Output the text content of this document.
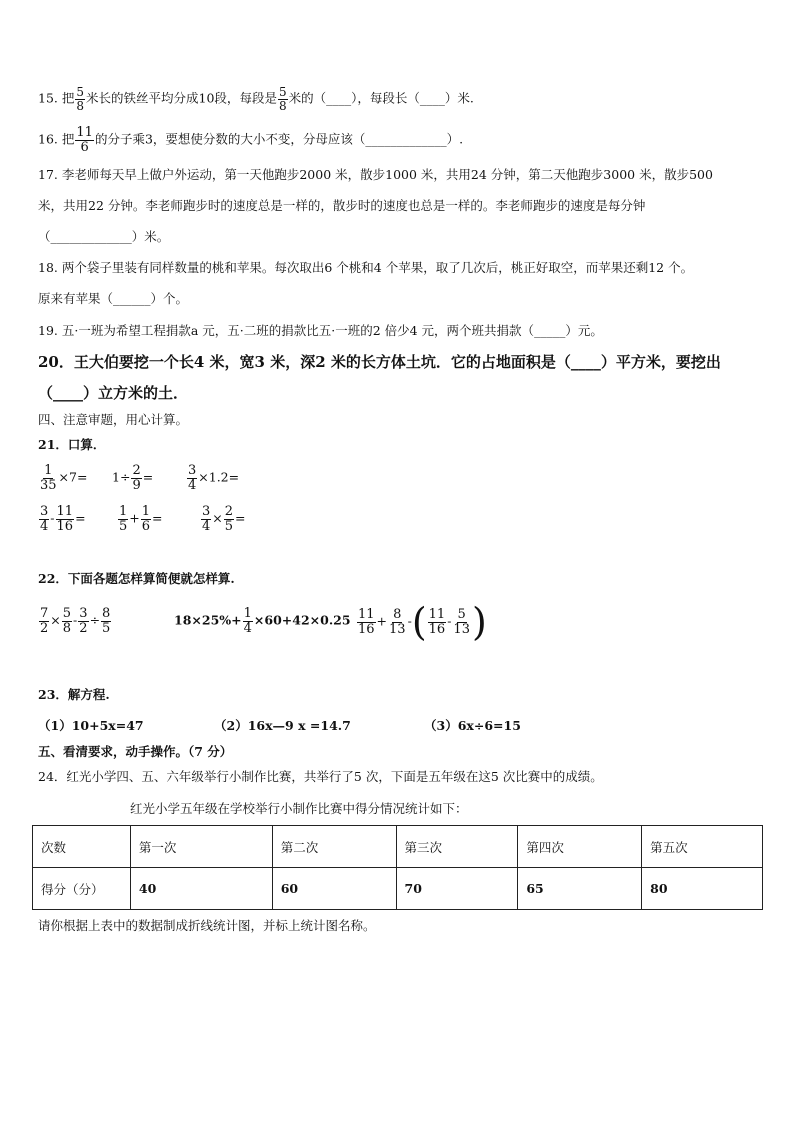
15. 把 $\frac{5}{8}$ 米长的铁丝平均分成10段，每段是 $\frac{5}{8}$ 米的（____），每段长（____）米.
16. 把 $\frac{11}{6}$ 的分子乘3，要想使分数的大小不变，分母应该（_____________）.
17. 李老师每天早上做户外运动，第一天他跑步2000 米，散步1000 米，共用24 分钟，第二天他跑步3000 米，散步500
米，共用22 分钟。李老师跑步时的速度总是一样的，散步时的速度也总是一样的。李老师跑步的速度是每分钟
（_____________）米。
18. 两个袋子里装有同样数量的桃和苹果。每次取出6 个桃和4 个苹果，取了几次后，桃正好取空，而苹果还剩12 个。
原来有苹果（______）个。
19. 五·一班为希望工程捐款a 元，五·二班的捐款比五·一班的2 倍少4 元，两个班共捐款（_____）元。
20．王大伯要挖一个长4 米，宽3 米，深2 米的长方体土坑．它的占地面积是（____）平方米，要挖出
（____）立方米的土．
四、注意审题，用心计算。
21．口算．
$\frac{1}{35} \times 7= 1\div \frac{2}{9}$ =	$\frac{3}{4} \times 1.2=$
$\frac{3}{4} - \frac{11}{16} = \frac{1}{5} + \frac{1}{6}$ =	$\frac{3}{4} \times \frac{2}{5}$ =
22．下面各题怎样算简便就怎样算.
$\frac{7}{2} \times \frac{5}{8} - \frac{3}{2} \div \frac{8}{5}$	$18\times 25\%+ \frac{1}{4} \times 60+42\times 0.25 \frac{11}{16} + \frac{8}{13}$ -( $\frac{11}{16} - \frac{5}{13}$ )
23．解方程.
（1）10+5x=47	（2）16x—9 x =14.7	（3）6x÷6=15
五、看清要求，动手操作。（7 分）
24．红光小学四、五、六年级举行小制作比赛，共举行了5 次，下面是五年级在这5 次比赛中的成绩。
红光小学五年级在学校举行小制作比赛中得分情况统计如下：
次数	第一次	第二次	第三次	第四次	第五次
得分（分）	40	60	70	65	80
请你根据上表中的数据制成折线统计图，并标上统计图名称。
